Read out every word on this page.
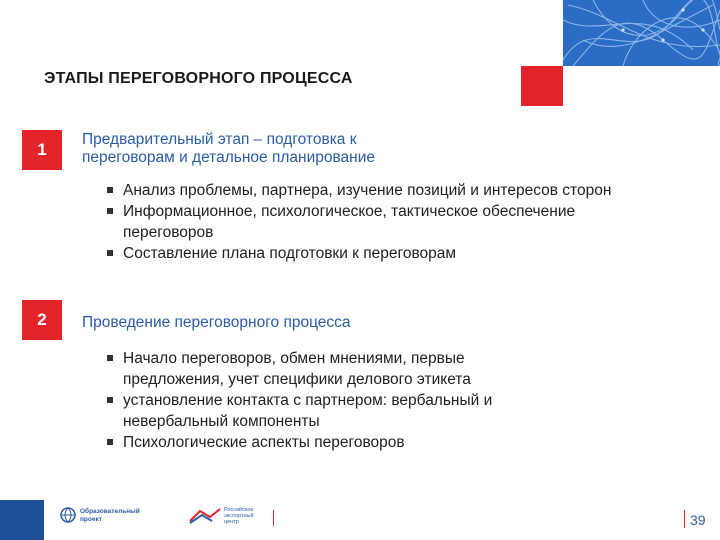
ЭТАПЫ ПЕРЕГОВОРНОГО ПРОЦЕССА
1
Предварительный этап – подготовка к
переговорам и детальное планирование
Анализ проблемы, партнера, изучение позиций и интересов сторон
Информационное, психологическое, тактическое обеспечение
переговоров
Составление плана подготовки к переговорам
2	Проведение переговорного процесса
Начало переговоров, обмен мнениями, первые
предложения, учет специфики делового этикета
установление контакта с партнером: вербальный и
невербальный компоненты
Психологические аспекты переговоров
Образовательный
проект
Российское
экспортный
центр	39
